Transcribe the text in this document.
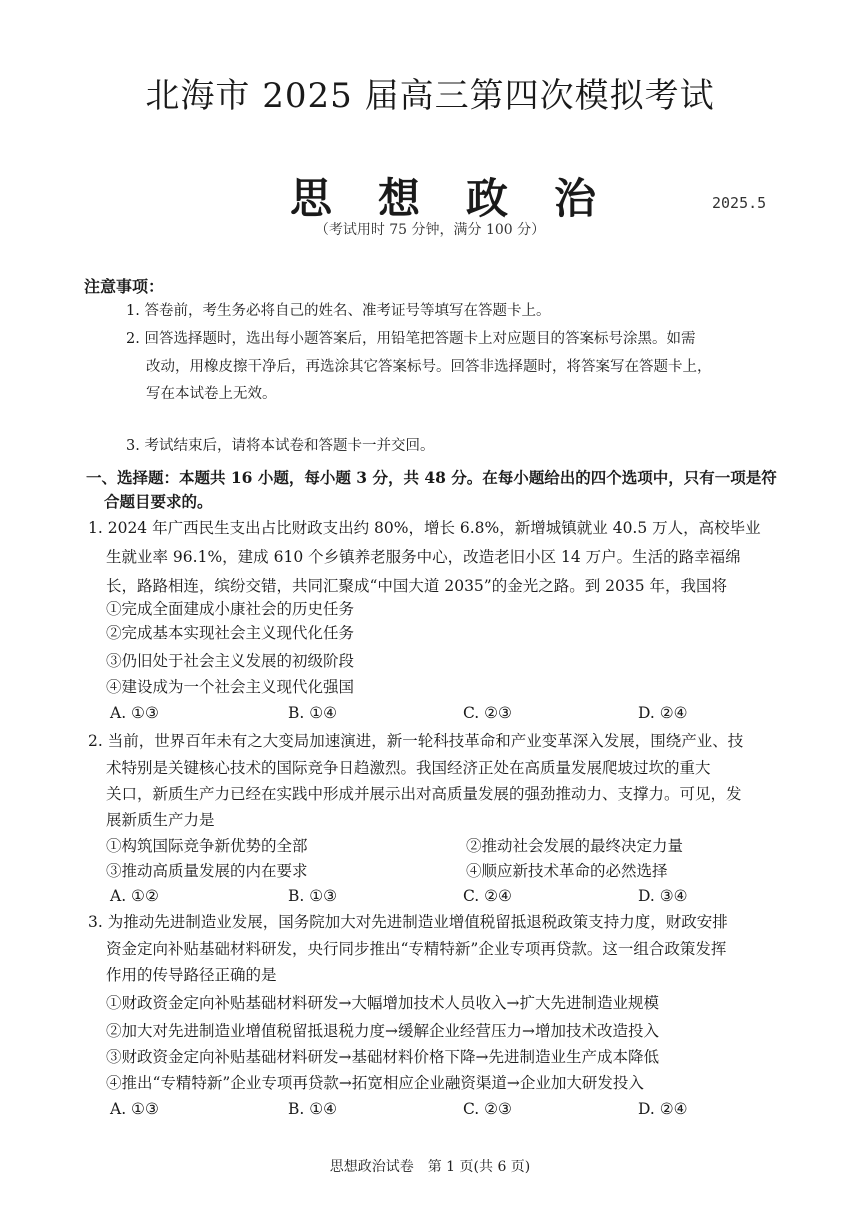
北海市 2025 届高三第四次模拟考试
思想政治	2025.5
（考试用时 75 分钟，满分 100 分）
注意事项：
1. 答卷前，考生务必将自己的姓名、准考证号等填写在答题卡上。
2. 回答选择题时，选出每小题答案后，用铅笔把答题卡上对应题目的答案标号涂黑。如需
改动，用橡皮擦干净后，再选涂其它答案标号。回答非选择题时，将答案写在答题卡上，
写在本试卷上无效。
3. 考试结束后，请将本试卷和答题卡一并交回。
一、选择题：本题共 16 小题，每小题 3 分，共 48 分。在每小题给出的四个选项中，只有一项是符
合题目要求的。
1. 2024 年广西民生支出占比财政支出约 80%，增长 6.8%，新增城镇就业 40.5 万人，高校毕业
生就业率 96.1%，建成 610 个乡镇养老服务中心，改造老旧小区 14 万户。生活的路幸福绵
长，路路相连，缤纷交错，共同汇聚成“中国大道 2035”的金光之路。到 2035 年，我国将
①完成全面建成小康社会的历史任务
②完成基本实现社会主义现代化任务
③仍旧处于社会主义发展的初级阶段
④建设成为一个社会主义现代化强国
A. ①③	B. ①④	C. ②③	D. ②④
2. 当前，世界百年未有之大变局加速演进，新一轮科技革命和产业变革深入发展，围绕产业、技
术特别是关键核心技术的国际竞争日趋激烈。我国经济正处在高质量发展爬坡过坎的重大
关口，新质生产力已经在实践中形成并展示出对高质量发展的强劲推动力、支撑力。可见，发
展新质生产力是
①构筑国际竞争新优势的全部	②推动社会发展的最终决定力量
③推动高质量发展的内在要求	④顺应新技术革命的必然选择
A. ①②	B. ①③	C. ②④	D. ③④
3. 为推动先进制造业发展，国务院加大对先进制造业增值税留抵退税政策支持力度，财政安排
资金定向补贴基础材料研发，央行同步推出“专精特新”企业专项再贷款。这一组合政策发挥
作用的传导路径正确的是
①财政资金定向补贴基础材料研发→大幅增加技术人员收入→扩大先进制造业规模
②加大对先进制造业增值税留抵退税力度→缓解企业经营压力→增加技术改造投入
③财政资金定向补贴基础材料研发→基础材料价格下降→先进制造业生产成本降低
④推出“专精特新”企业专项再贷款→拓宽相应企业融资渠道→企业加大研发投入
A. ①③	B. ①④	C. ②③	D. ②④
思想政治试卷　第 1 页(共 6 页)
